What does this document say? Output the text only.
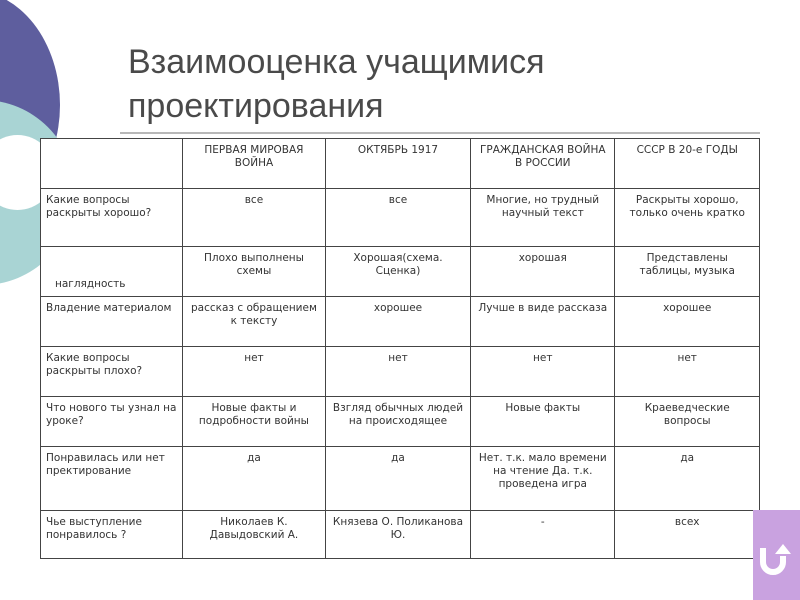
Взаимооценка учащимися проектирования
	ПЕРВАЯ МИРОВАЯ ВОЙНА	ОКТЯБРЬ 1917	ГРАЖДАНСКАЯ ВОЙНА В РОССИИ	СССР В 20-е ГОДЫ
Какие вопросы раскрыты хорошо?	все	все	Многие, но трудный научный текст	Раскрыты хорошо, только очень кратко
наглядность	Плохо выполнены схемы	Хорошая(схема. Сценка)	хорошая	Представлены таблицы, музыка
Владение материалом	рассказ с обращением к тексту	хорошее	Лучше в виде рассказа	хорошее
Какие вопросы раскрыты плохо?	нет	нет	нет	нет
Что нового ты узнал на уроке?	Новые факты и подробности войны	Взгляд обычных людей на происходящее	Новые факты	Краеведческие вопросы
Понравилась или нет пректирование	да	да	Нет. т.к. мало времени на чтение Да. т.к. проведена игра	да
Чье выступление понравилось ?	Николаев К. Давыдовский А.	Князева О. Поликанова Ю.	-	всех
